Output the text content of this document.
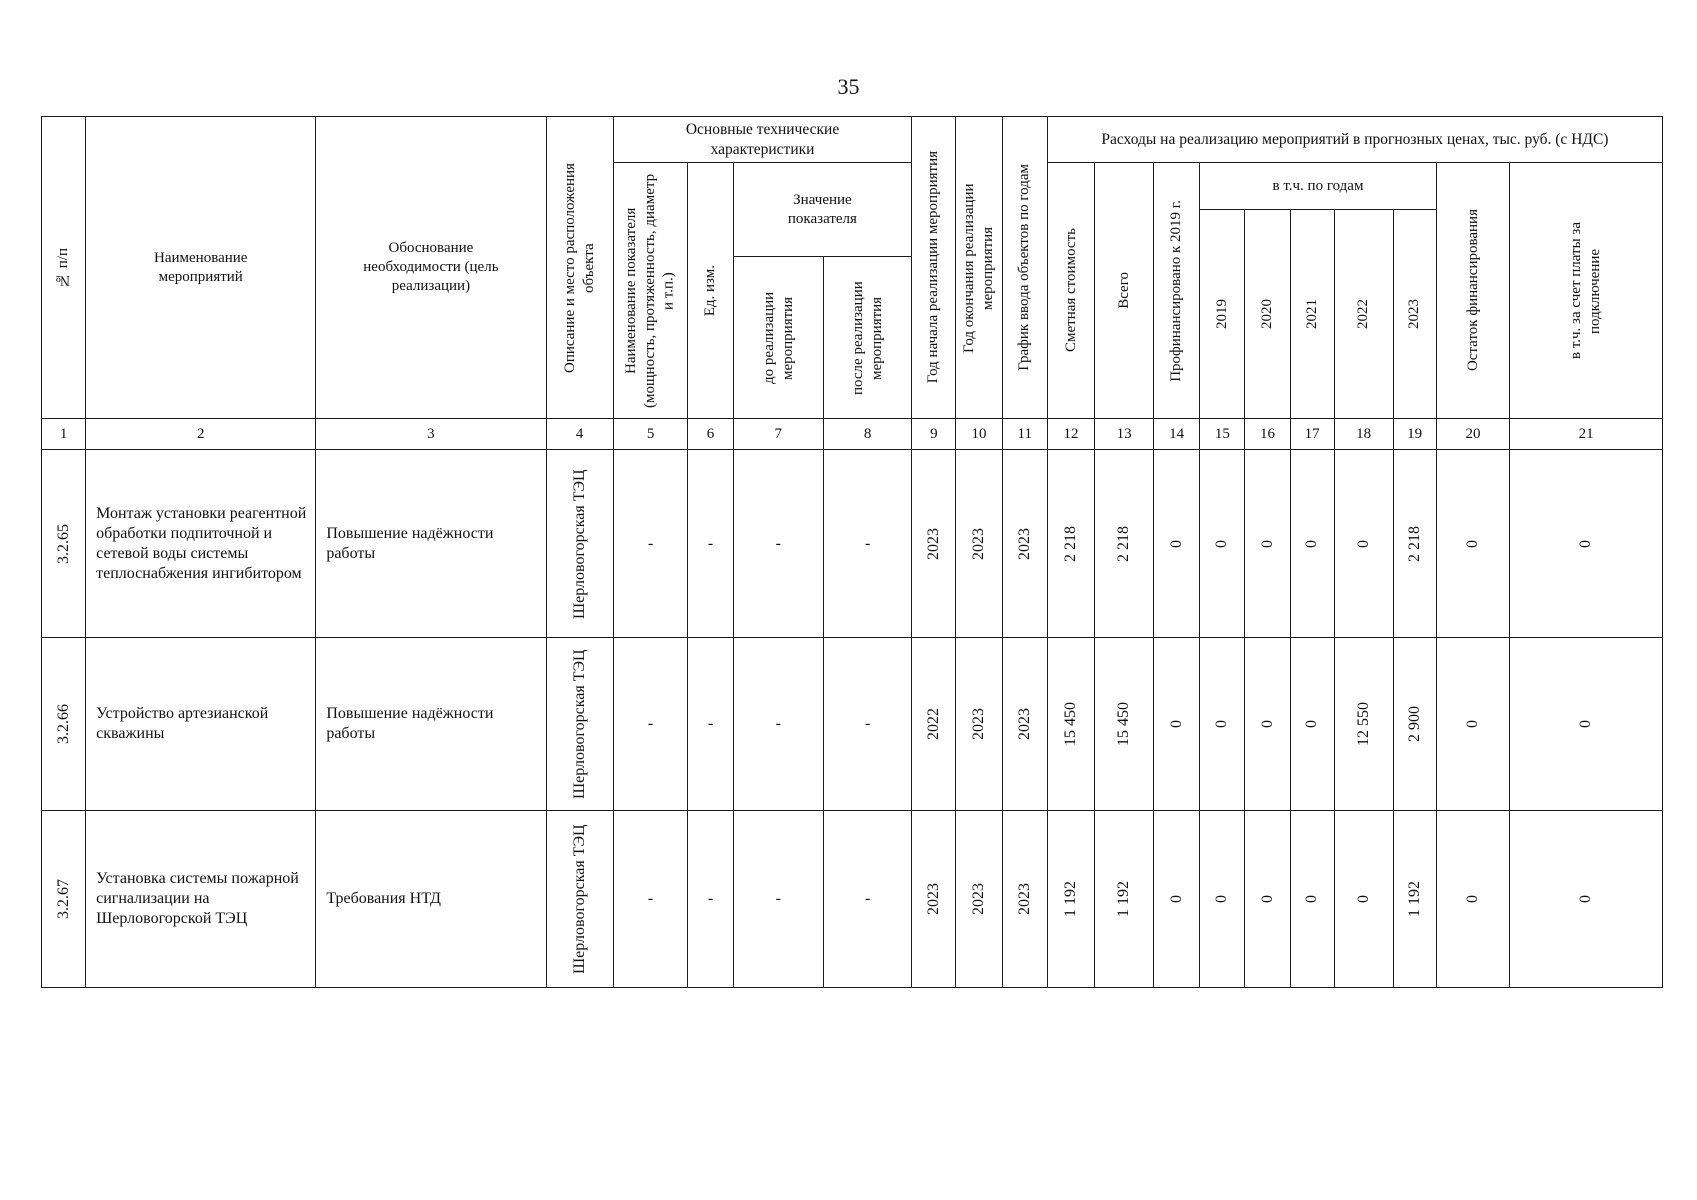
35
№ п/п	Наименование мероприятий	Обоснование необходимости (цель реализации)	Описание и место расположения объекта	Основные технические характеристики				Год начала реализации мероприятия	Год окончания реализации мероприятия	График ввода объектов по годам	Расходы на реализацию мероприятий в прогнозных ценах, тыс. руб. (с НДС)									

				Наименование показателя (мощность, протяженность, диаметр и т.п.)	Ед. изм.	Значение показателя					Сметная стоимость	Всего	Профинансировано к 2019 г.	в т.ч. по годам					Остаток финансирования	в т.ч. за счет платы за подключение

														2019	2020	2021	2022	2023		

						до реализации мероприятия	после реализации мероприятия													

1	2	3	4	5	6	7	8	9	10	11	12	13	14	15	16	17	18	19	20	21

3.2.65	Монтаж установки реагентной обработки подпиточной и сетевой воды системы теплоснабжения ингибитором	Повышение надёжности работы	Шерловогорская ТЭЦ	-	-	-	-	2023	2023	2023	2 218	2 218	0	0	0	0	0	2 218	0	0

3.2.66	Устройство артезианской скважины	Повышение надёжности работы	Шерловогорская ТЭЦ	-	-	-	-	2022	2023	2023	15 450	15 450	0	0	0	0	12 550	2 900	0	0

3.2.67	Установка системы пожарной сигнализации на Шерловогорской ТЭЦ	Требования НТД	Шерловогорская ТЭЦ	-	-	-	-	2023	2023	2023	1 192	1 192	0	0	0	0	0	1 192	0	0
